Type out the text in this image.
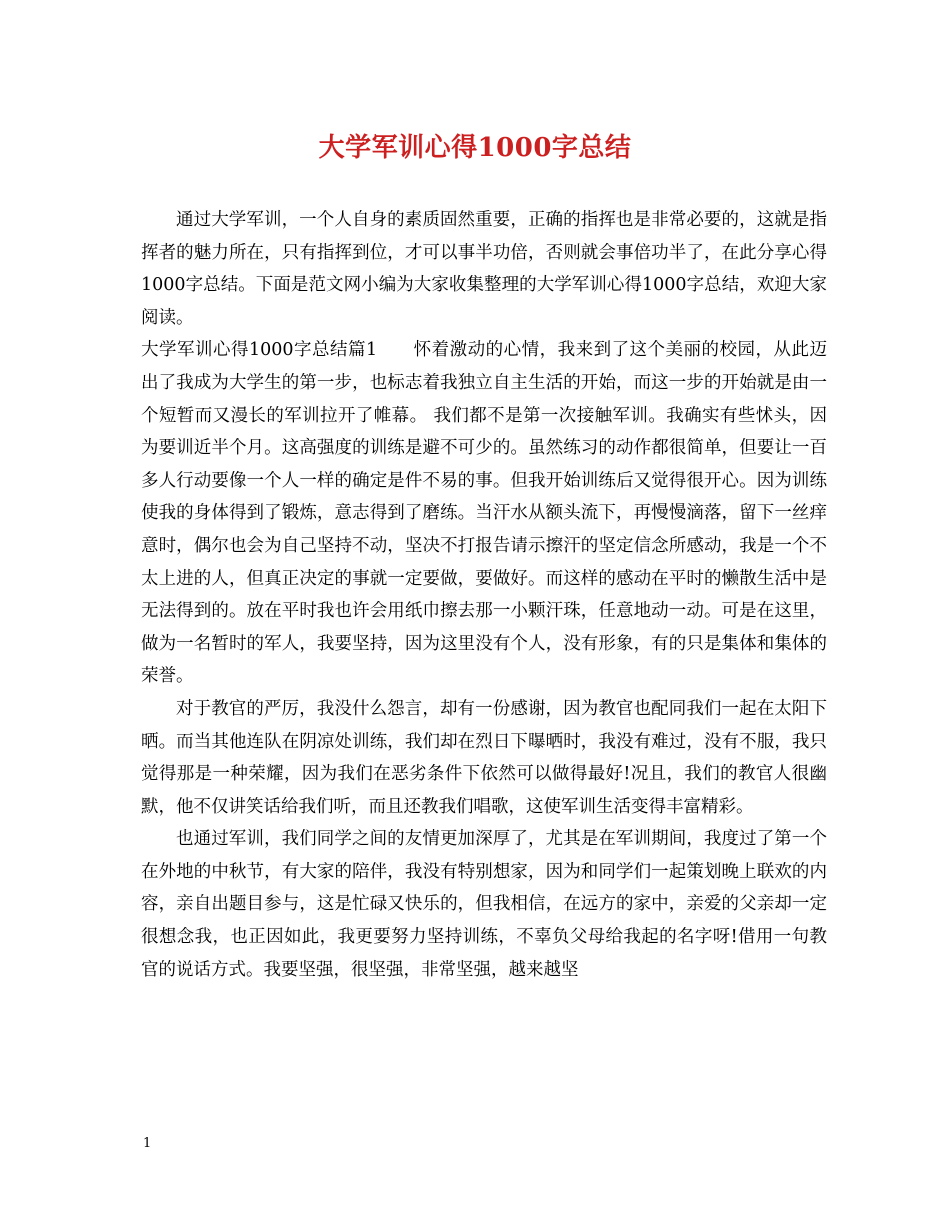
大学军训心得1000字总结

通过大学军训，一个人自身的素质固然重要，正确的指挥也是非常必要的，这就是指挥者的魅力所在，只有指挥到位，才可以事半功倍，否则就会事倍功半了，在此分享心得1000字总结。下面是范文网小编为大家收集整理的大学军训心得1000字总结，欢迎大家阅读。

大学军训心得1000字总结篇1 怀着激动的心情，我来到了这个美丽的校园，从此迈出了我成为大学生的第一步，也标志着我独立自主生活的开始，而这一步的开始就是由一个短暂而又漫长的军训拉开了帷幕。 我们都不是第一次接触军训。我确实有些怵头，因为要训近半个月。这高强度的训练是避不可少的。虽然练习的动作都很简单，但要让一百多人行动要像一个人一样的确定是件不易的事。但我开始训练后又觉得很开心。因为训练使我的身体得到了锻炼，意志得到了磨练。当汗水从额头流下，再慢慢滴落，留下一丝痒意时，偶尔也会为自己坚持不动，坚决不打报告请示擦汗的坚定信念所感动，我是一个不太上进的人，但真正决定的事就一定要做，要做好。而这样的感动在平时的懒散生活中是无法得到的。放在平时我也许会用纸巾擦去那一小颗汗珠，任意地动一动。可是在这里，做为一名暂时的军人，我要坚持，因为这里没有个人，没有形象，有的只是集体和集体的荣誉。

对于教官的严厉，我没什么怨言，却有一份感谢，因为教官也配同我们一起在太阳下晒。而当其他连队在阴凉处训练，我们却在烈日下曝晒时，我没有难过，没有不服，我只觉得那是一种荣耀，因为我们在恶劣条件下依然可以做得最好!况且，我们的教官人很幽默，他不仅讲笑话给我们听，而且还教我们唱歌，这使军训生活变得丰富精彩。

也通过军训，我们同学之间的友情更加深厚了，尤其是在军训期间，我度过了第一个在外地的中秋节，有大家的陪伴，我没有特别想家，因为和同学们一起策划晚上联欢的内容，亲自出题目参与，这是忙碌又快乐的，但我相信，在远方的家中，亲爱的父亲却一定很想念我，也正因如此，我更要努力坚持训练，不辜负父母给我起的名字呀!借用一句教官的说话方式。我要坚强，很坚强，非常坚强，越来越坚

1
